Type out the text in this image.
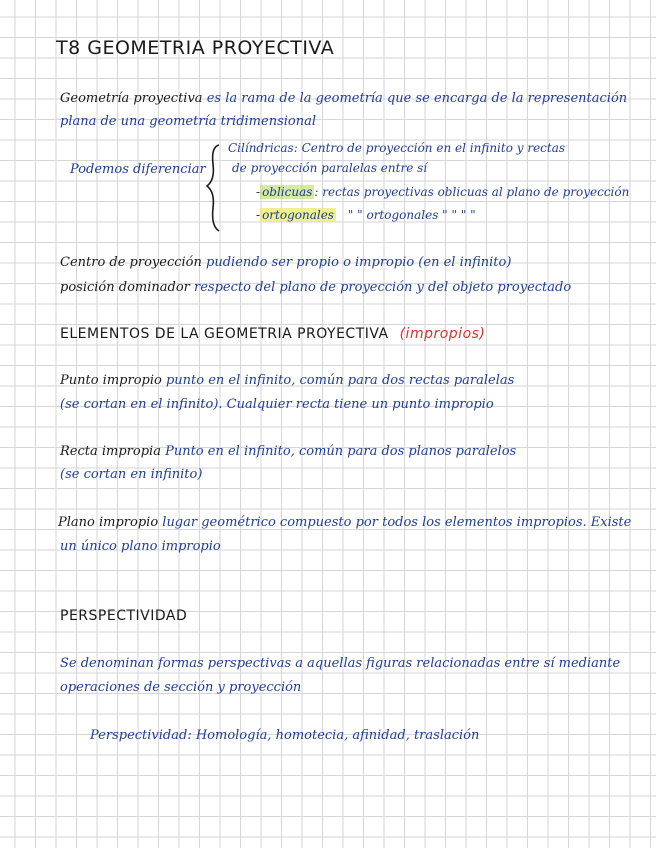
T8 GEOMETRIA PROYECTIVA
Geometría proyectiva es la rama de la geometría que se encarga de la representación
plana de una geometría tridimensional
Podemos diferenciar
Cilíndricas: Centro de proyección en el infinito y rectas
de proyección paralelas entre sí
- oblicuas : rectas proyectivas oblicuas al plano de proyección
- ortogonales " " ortogonales " " " "
Centro de proyección pudiendo ser propio o impropio (en el infinito)
posición dominador respecto del plano de proyección y del objeto proyectado
ELEMENTOS DE LA GEOMETRIA PROYECTIVA (impropios)
Punto impropio punto en el infinito, común para dos rectas paralelas
(se cortan en el infinito). Cualquier recta tiene un punto impropio
Recta impropia Punto en el infinito, común para dos planos paralelos
(se cortan en infinito)
Plano impropio lugar geométrico compuesto por todos los elementos impropios. Existe
un único plano impropio
PERSPECTIVIDAD
Se denominan formas perspectivas a aquellas figuras relacionadas entre sí mediante
operaciones de sección y proyección
Perspectividad: Homología, homotecia, afinidad, traslación
